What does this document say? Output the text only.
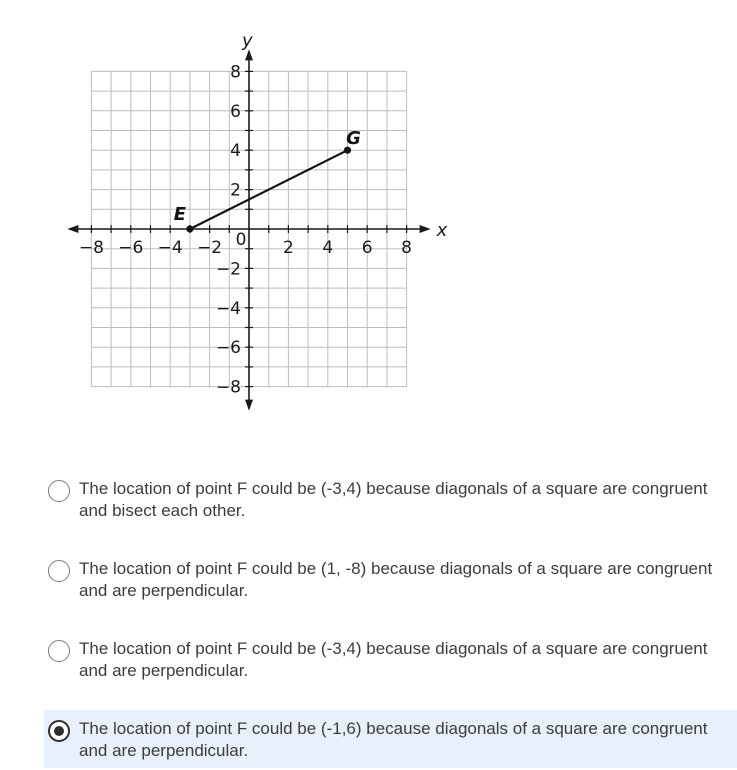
x
y
−8 −6 −4 −2 0 2 4 6 8
8
6
4
2
−2
−4
−6
−8
E
G
The location of point F could be (-3,4) because diagonals of a square are congruent and bisect each other.
The location of point F could be (1, -8) because diagonals of a square are congruent and are perpendicular.
The location of point F could be (-3,4) because diagonals of a square are congruent and are perpendicular.
The location of point F could be (-1,6) because diagonals of a square are congruent and are perpendicular.
